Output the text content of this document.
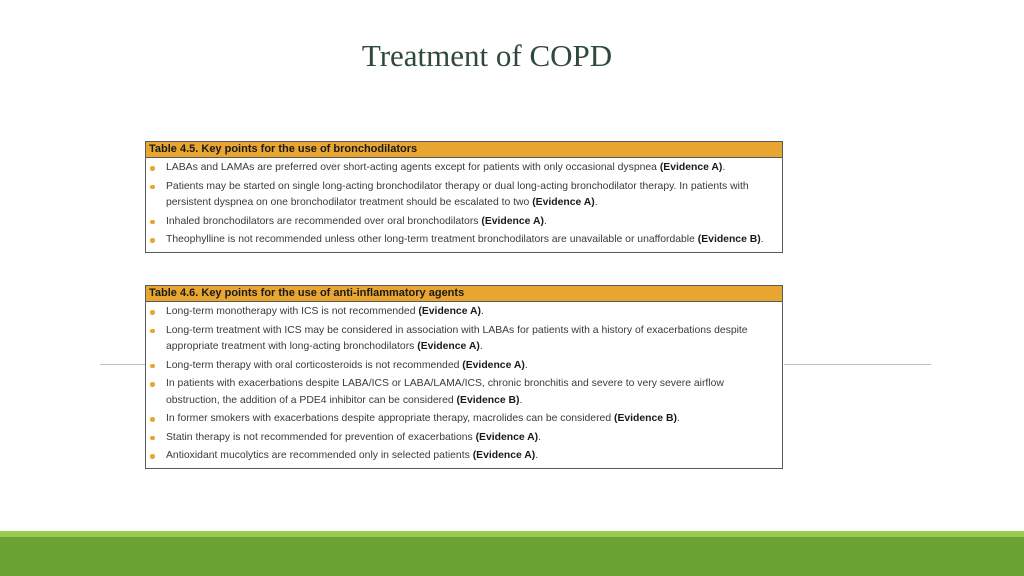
Treatment of COPD
Table 4.5. Key points for the use of bronchodilators
LABAs and LAMAs are preferred over short-acting agents except for patients with only occasional dyspnea (Evidence A).
Patients may be started on single long-acting bronchodilator therapy or dual long-acting bronchodilator therapy. In patients with persistent dyspnea on one bronchodilator treatment should be escalated to two (Evidence A).
Inhaled bronchodilators are recommended over oral bronchodilators (Evidence A).
Theophylline is not recommended unless other long-term treatment bronchodilators are unavailable or unaffordable (Evidence B).
Table 4.6. Key points for the use of anti-inflammatory agents
Long-term monotherapy with ICS is not recommended (Evidence A).
Long-term treatment with ICS may be considered in association with LABAs for patients with a history of exacerbations despite appropriate treatment with long-acting bronchodilators (Evidence A).
Long-term therapy with oral corticosteroids is not recommended (Evidence A).
In patients with exacerbations despite LABA/ICS or LABA/LAMA/ICS, chronic bronchitis and severe to very severe airflow obstruction, the addition of a PDE4 inhibitor can be considered (Evidence B).
In former smokers with exacerbations despite appropriate therapy, macrolides can be considered (Evidence B).
Statin therapy is not recommended for prevention of exacerbations (Evidence A).
Antioxidant mucolytics are recommended only in selected patients (Evidence A).
